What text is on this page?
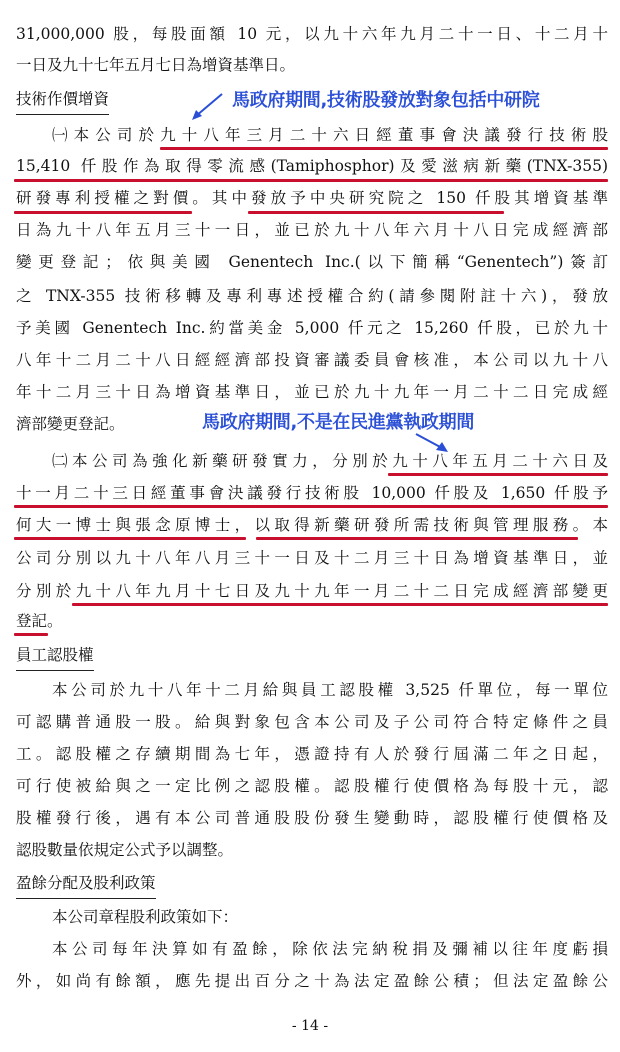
31,000,000 股，每股面額 10 元，以九十六年九月二十一日、十二月十
一日及九十七年五月七日為增資基準日。
技術作價增資	馬政府期間,技術股發放對象包括中研院
㈠本公司於九十八年三月二十六日經董事會決議發行技術股
15,410 仟股作為取得零流感(Tamiphosphor)及愛滋病新藥(TNX-355)
研發專利授權之對價。其中發放予中央研究院之 150 仟股其增資基準
日為九十八年五月三十一日，並已於九十八年六月十八日完成經濟部
變更登記；依與美國 Genentech Inc.(以下簡稱“Genentech”)簽訂
之 TNX-355 技術移轉及專利專述授權合約(請參閱附註十六)，發放
予美國 Genentech Inc.約當美金 5,000 仟元之 15,260 仟股，已於九十
八年十二月二十八日經經濟部投資審議委員會核准，本公司以九十八
年十二月三十日為增資基準日，並已於九十九年一月二十二日完成經
濟部變更登記。	馬政府期間,不是在民進黨執政期間
㈡本公司為強化新藥研發實力，分別於九十八年五月二十六日及
十一月二十三日經董事會決議發行技術股 10,000 仟股及 1,650 仟股予
何大一博士與張念原博士，以取得新藥研發所需技術與管理服務。本
公司分別以九十八年八月三十一日及十二月三十日為增資基準日，並
分別於九十八年九月十七日及九十九年一月二十二日完成經濟部變更
登記。
員工認股權
本公司於九十八年十二月給與員工認股權 3,525 仟單位，每一單位
可認購普通股一股。給與對象包含本公司及子公司符合特定條件之員
工。認股權之存續期間為七年，憑證持有人於發行屆滿二年之日起，
可行使被給與之一定比例之認股權。認股權行使價格為每股十元，認
股權發行後，遇有本公司普通股股份發生變動時，認股權行使價格及
認股數量依規定公式予以調整。
盈餘分配及股利政策
本公司章程股利政策如下：
本公司每年決算如有盈餘，除依法完納稅捐及彌補以往年度虧損
外，如尚有餘額，應先提出百分之十為法定盈餘公積；但法定盈餘公
- 14 -
